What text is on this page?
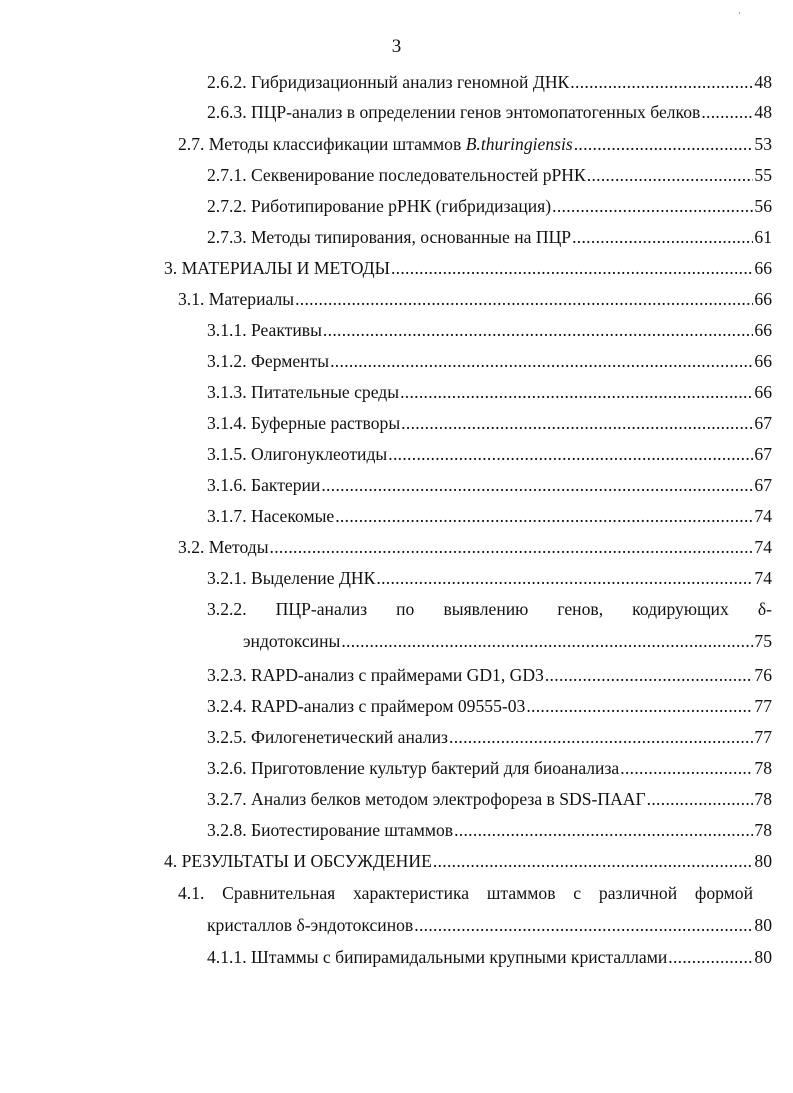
·
3
2.6.2. Гибридизационный анализ геномной ДНК .....	48
2.6.3. ПЦР-анализ в определении генов энтомопатогенных белков .....	48
2.7. Методы классификации штаммов B.thuringiensis .....	53
2.7.1. Секвенирование последовательностей рРНК .....	55
2.7.2. Риботипирование рРНК (гибридизация) .....	56
2.7.3. Методы типирования, основанные на ПЦР .....	61
3. МАТЕРИАЛЫ И МЕТОДЫ .....	66
3.1. Материалы .....	66
3.1.1. Реактивы .....	66
3.1.2. Ферменты .....	66
3.1.3. Питательные среды .....	66
3.1.4. Буферные растворы .....	67
3.1.5. Олигонуклеотиды .....	67
3.1.6. Бактерии .....	67
3.1.7. Насекомые .....	74
3.2. Методы .....	74
3.2.1. Выделение ДНК .....	74
3.2.2. ПЦР-анализ по выявлению генов, кодирующих δ-
эндотоксины .....	75
3.2.3. RAPD-анализ с праймерами GD1, GD3 .....	76
3.2.4. RAPD-анализ с праймером 09555-03 .....	77
3.2.5. Филогенетический анализ .....	77
3.2.6. Приготовление культур бактерий для биоанализа .....	78
3.2.7. Анализ белков методом электрофореза в SDS-ПААГ .....	78
3.2.8. Биотестирование штаммов .....	78
4. РЕЗУЛЬТАТЫ И ОБСУЖДЕНИЕ .....	80
4.1. Сравнительная характеристика штаммов с различной формой
кристаллов δ-эндотоксинов .....	80
4.1.1. Штаммы с бипирамидальными крупными кристаллами .....	80
